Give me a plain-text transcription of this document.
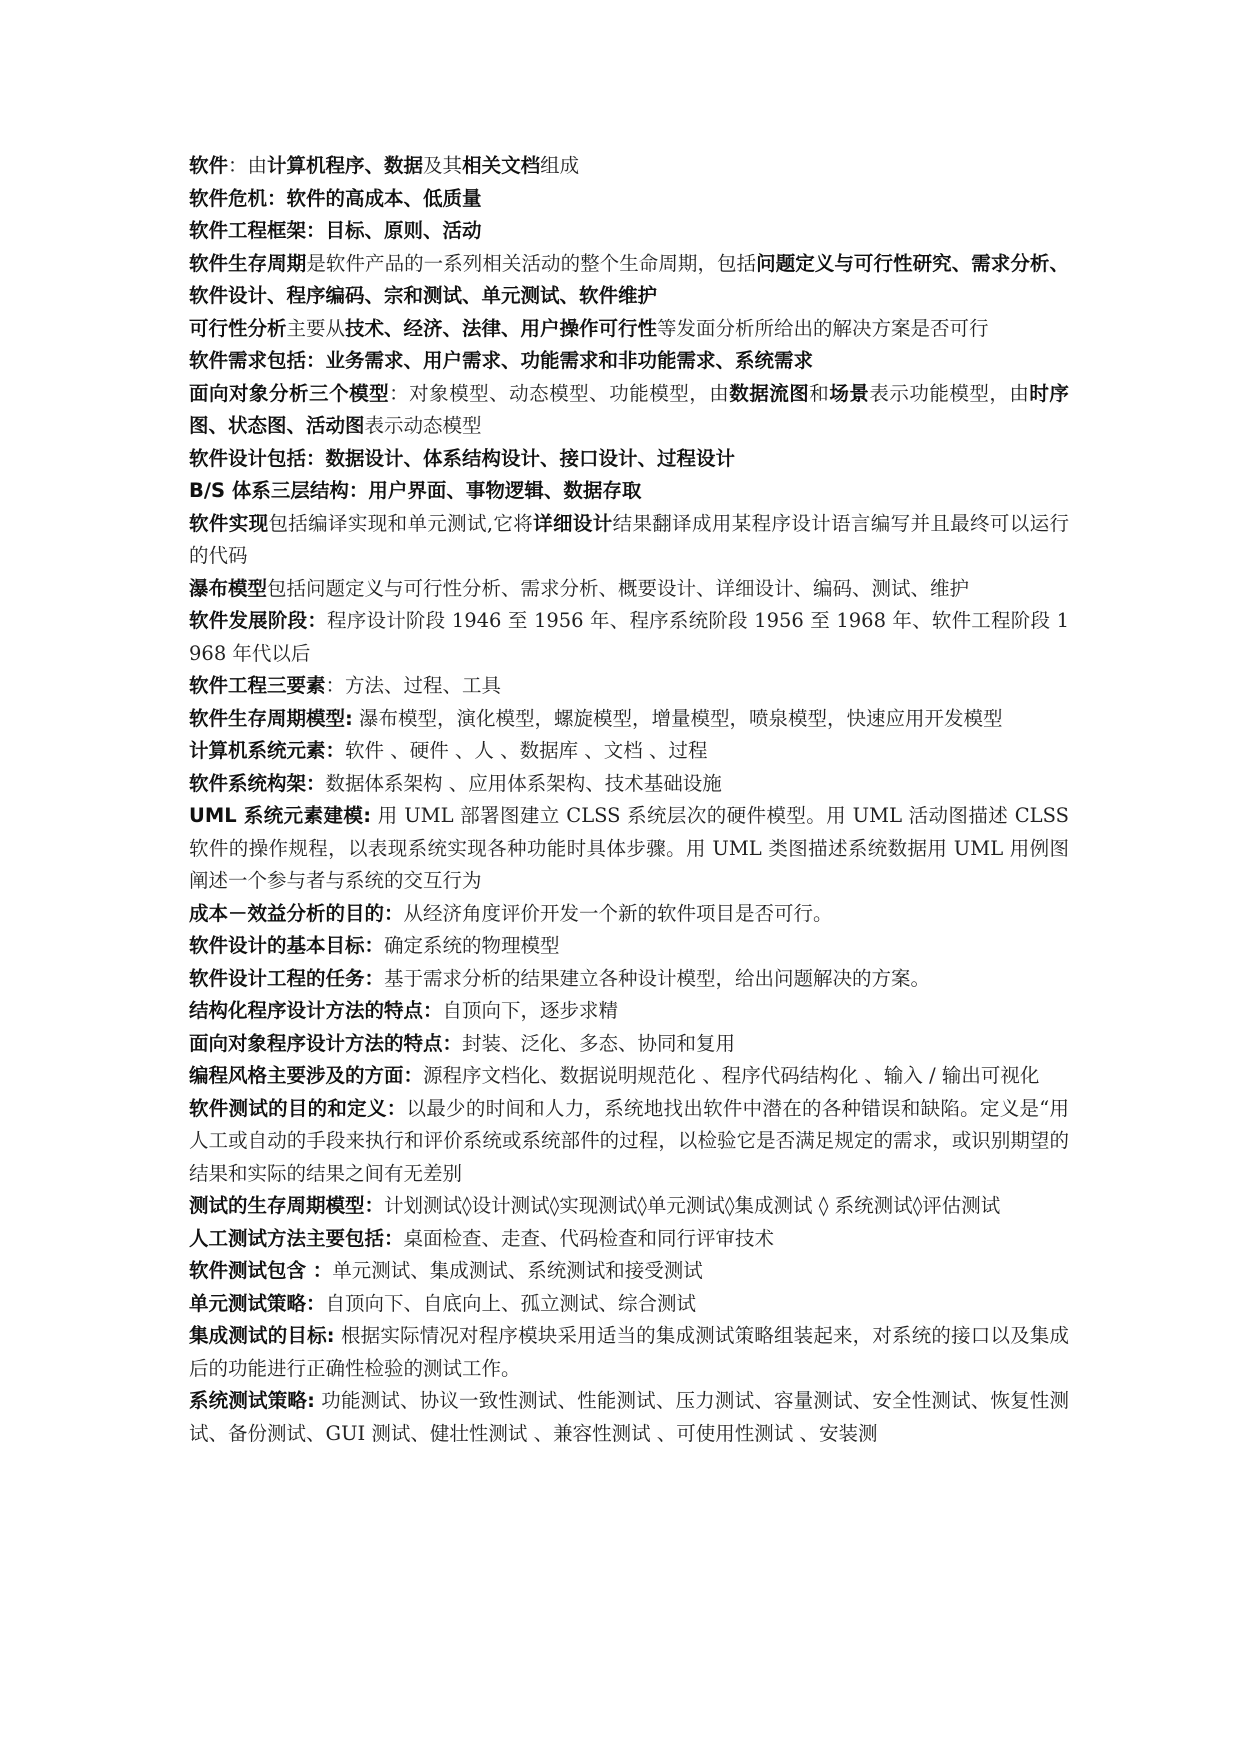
软件：由计算机程序、数据及其相关文档组成

软件危机：软件的高成本、低质量

软件工程框架：目标、原则、活动

软件生存周期是软件产品的一系列相关活动的整个生命周期，包括问题定义与可行性研究、需求分析、软件设计、程序编码、宗和测试、单元测试、软件维护

可行性分析主要从技术、经济、法律、用户操作可行性等发面分析所给出的解决方案是否可行

软件需求包括：业务需求、用户需求、功能需求和非功能需求、系统需求

面向对象分析三个模型：对象模型、动态模型、功能模型，由数据流图和场景表示功能模型，由时序图、状态图、活动图表示动态模型

软件设计包括：数据设计、体系结构设计、接口设计、过程设计

B/S 体系三层结构：用户界面、事物逻辑、数据存取

软件实现包括编译实现和单元测试,它将详细设计结果翻译成用某程序设计语言编写并且最终可以运行的代码

瀑布模型包括问题定义与可行性分析、需求分析、概要设计、详细设计、编码、测试、维护

软件发展阶段：程序设计阶段 1946 至 1956 年、程序系统阶段 1956 至 1968 年、软件工程阶段 1968 年代以后

软件工程三要素：方法、过程、工具

软件生存周期模型: 瀑布模型，演化模型，螺旋模型，增量模型，喷泉模型，快速应用开发模型

计算机系统元素：软件 、硬件 、人 、数据库 、文档 、过程

软件系统构架：数据体系架构 、应用体系架构、技术基础设施

UML 系统元素建模: 用 UML 部署图建立 CLSS 系统层次的硬件模型。用 UML 活动图描述 CLSS 软件的操作规程，以表现系统实现各种功能时具体步骤。用 UML 类图描述系统数据用 UML 用例图阐述一个参与者与系统的交互行为

成本－效益分析的目的：从经济角度评价开发一个新的软件项目是否可行。

软件设计的基本目标：确定系统的物理模型

软件设计工程的任务：基于需求分析的结果建立各种设计模型，给出问题解决的方案。

结构化程序设计方法的特点：自顶向下，逐步求精

面向对象程序设计方法的特点：封装、泛化、多态、协同和复用

编程风格主要涉及的方面：源程序文档化、数据说明规范化 、程序代码结构化 、输入 / 输出可视化

软件测试的目的和定义：以最少的时间和人力，系统地找出软件中潜在的各种错误和缺陷。定义是“用人工或自动的手段来执行和评价系统或系统部件的过程，以检验它是否满足规定的需求，或识别期望的结果和实际的结果之间有无差别

测试的生存周期模型：计划测试◊设计测试◊实现测试◊单元测试◊集成测试 ◊ 系统测试◊评估测试

人工测试方法主要包括：桌面检查、走查、代码检查和同行评审技术

软件测试包含 ：单元测试、集成测试、系统测试和接受测试

单元测试策略：自顶向下、自底向上、孤立测试、综合测试

集成测试的目标: 根据实际情况对程序模块采用适当的集成测试策略组装起来，对系统的接口以及集成后的功能进行正确性检验的测试工作。

系统测试策略: 功能测试、协议一致性测试、性能测试、压力测试、容量测试、安全性测试、恢复性测试、备份测试、GUI 测试、健壮性测试 、兼容性测试 、可使用性测试 、安装测
